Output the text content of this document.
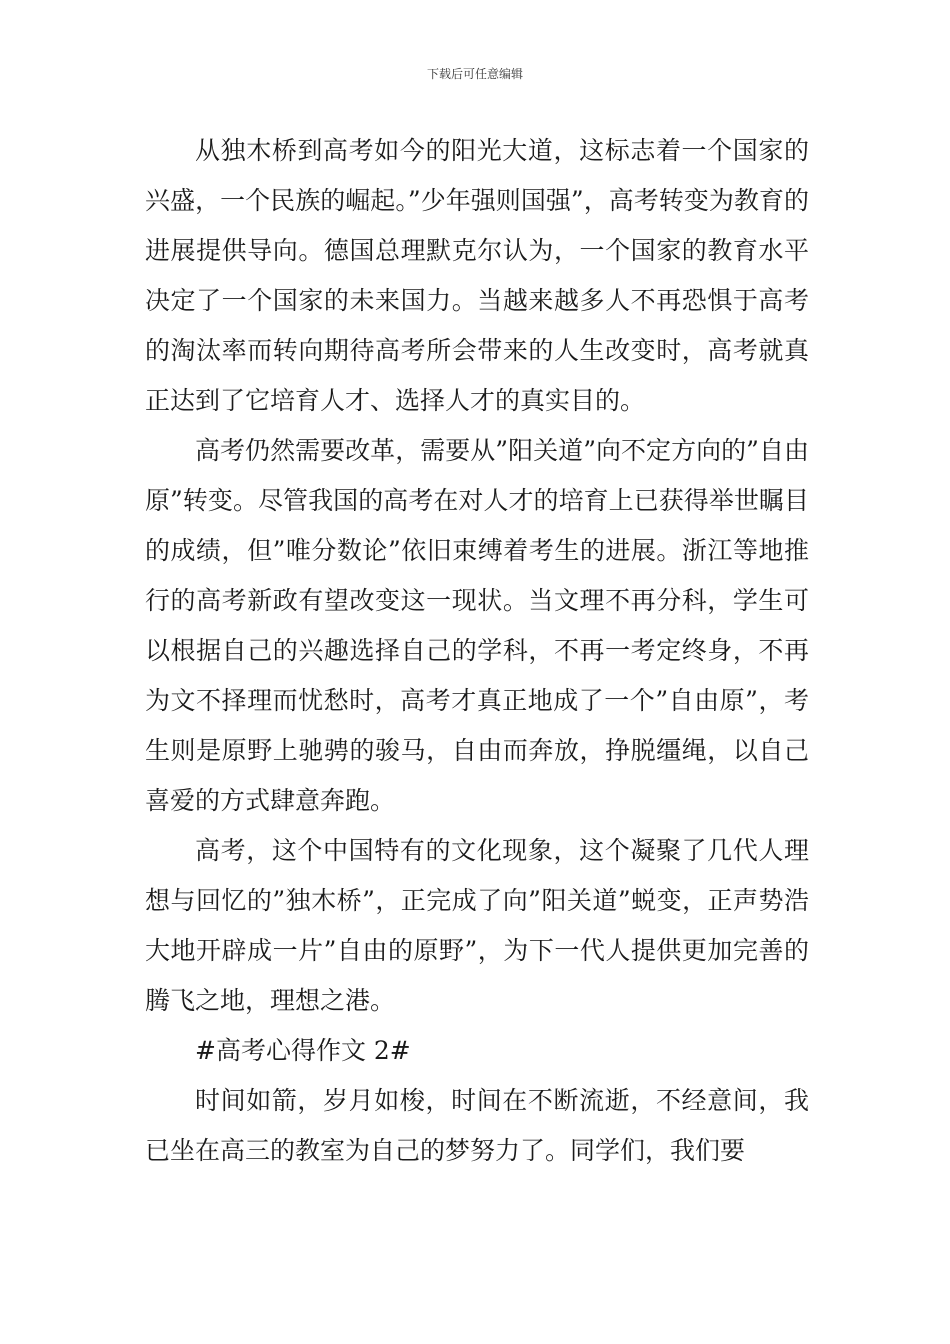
下载后可任意编辑

从独木桥到高考如今的阳光大道，这标志着一个国家的兴盛，一个民族的崛起。”少年强则国强”，高考转变为教育的进展提供导向。德国总理默克尔认为，一个国家的教育水平决定了一个国家的未来国力。当越来越多人不再恐惧于高考的淘汰率而转向期待高考所会带来的人生改变时，高考就真正达到了它培育人才、选择人才的真实目的。

高考仍然需要改革，需要从”阳关道”向不定方向的”自由原”转变。尽管我国的高考在对人才的培育上已获得举世瞩目的成绩，但”唯分数论”依旧束缚着考生的进展。浙江等地推行的高考新政有望改变这一现状。当文理不再分科，学生可以根据自己的兴趣选择自己的学科，不再一考定终身，不再为文不择理而忧愁时，高考才真正地成了一个”自由原”，考生则是原野上驰骋的骏马，自由而奔放，挣脱缰绳，以自己喜爱的方式肆意奔跑。

高考，这个中国特有的文化现象，这个凝聚了几代人理想与回忆的”独木桥”，正完成了向”阳关道”蜕变，正声势浩大地开辟成一片”自由的原野”，为下一代人提供更加完善的腾飞之地，理想之港。

#高考心得作文 2#

时间如箭，岁月如梭，时间在不断流逝，不经意间，我已坐在高三的教室为自己的梦努力了。同学们，我们要
